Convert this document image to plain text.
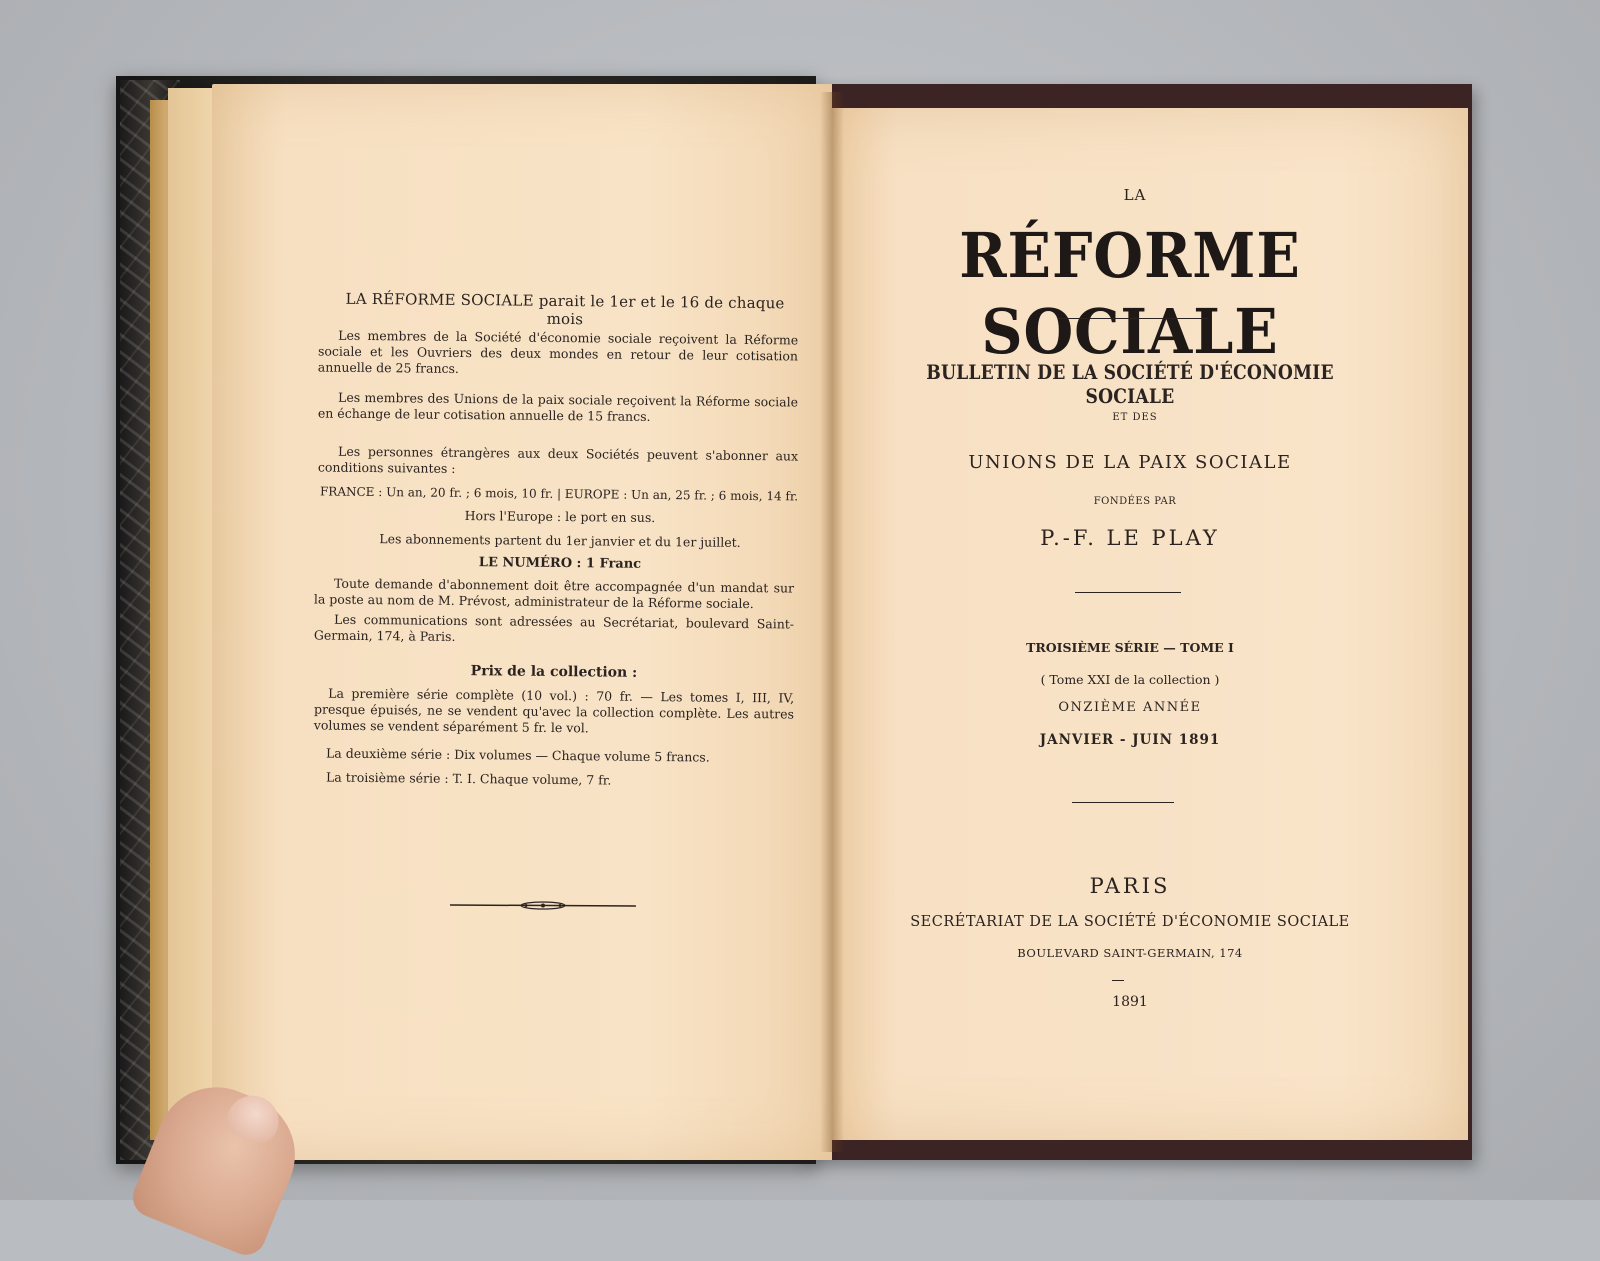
LA RÉFORME SOCIALE parait le 1er et le 16 de chaque mois
Les membres de la Société d'économie sociale reçoivent la Réforme sociale et les Ouvriers des deux mondes en retour de leur cotisation annuelle de 25 francs.
Les membres des Unions de la paix sociale reçoivent la Réforme sociale en échange de leur cotisation annuelle de 15 francs.
Les personnes étrangères aux deux Sociétés peuvent s'abonner aux conditions suivantes :
FRANCE : Un an, 20 fr. ; 6 mois, 10 fr. | EUROPE : Un an, 25 fr. ; 6 mois, 14 fr.
Hors l'Europe : le port en sus.
Les abonnements partent du 1er janvier et du 1er juillet.
LE NUMÉRO : 1 Franc
Toute demande d'abonnement doit être accompagnée d'un mandat sur la poste au nom de M. Prévost, administrateur de la Réforme sociale.
Les communications sont adressées au Secrétariat, boulevard Saint-Germain, 174, à Paris.
Prix de la collection :
La première série complète (10 vol.) : 70 fr. — Les tomes I, III, IV, presque épuisés, ne se vendent qu'avec la collection complète. Les autres volumes se vendent séparément 5 fr. le vol.
La deuxième série : Dix volumes — Chaque volume 5 francs.
La troisième série : T. I. Chaque volume, 7 fr.
LA
RÉFORME SOCIALE
BULLETIN DE LA SOCIÉTÉ D'ÉCONOMIE SOCIALE
ET DES
UNIONS DE LA PAIX SOCIALE
FONDÉES PAR
P.-F. LE PLAY
TROISIÈME SÉRIE — TOME I
( Tome XXI de la collection )
ONZIÈME ANNÉE
JANVIER - JUIN 1891
PARIS
SECRÉTARIAT DE LA SOCIÉTÉ D'ÉCONOMIE SOCIALE
BOULEVARD SAINT-GERMAIN, 174
1891
